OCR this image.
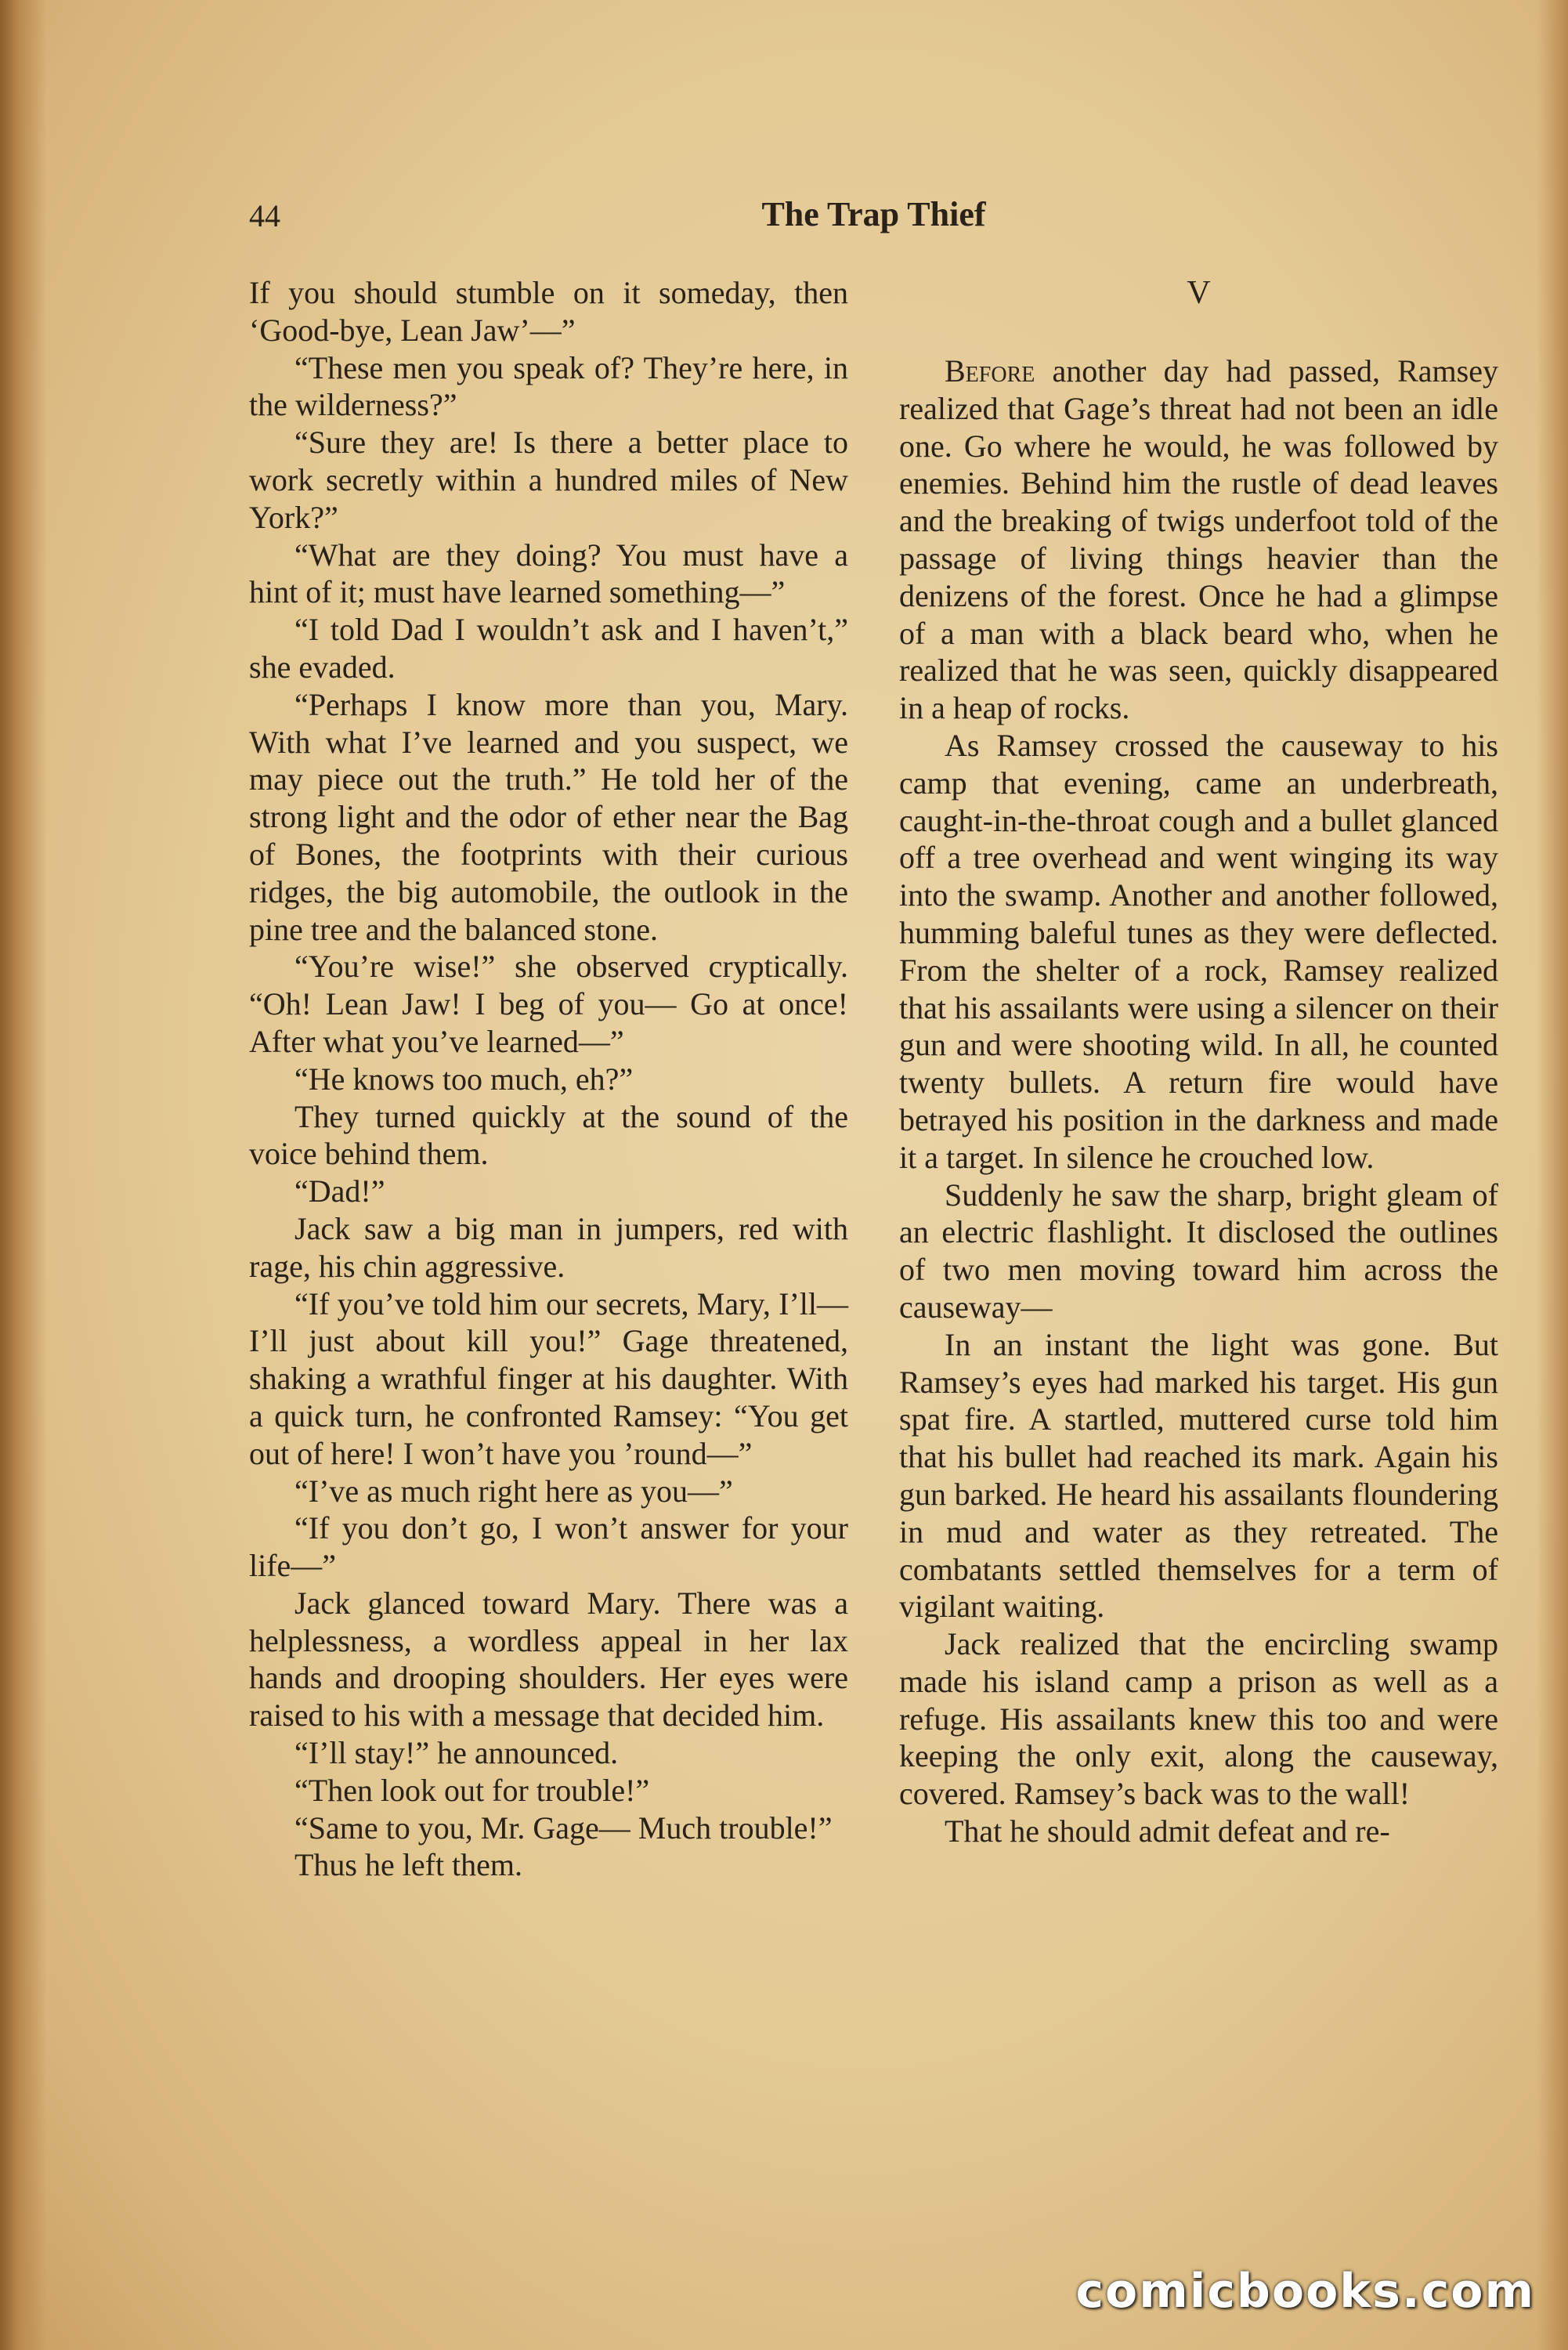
44	The Trap Thief

If you should stumble on it someday, then ‘Good-bye, Lean Jaw’—”

“These men you speak of? They’re here, in the wilderness?”

“Sure they are! Is there a better place to work secretly within a hundred miles of New York?”

“What are they doing? You must have a hint of it; must have learned something—”

“I told Dad I wouldn’t ask and I haven’t,” she evaded.

“Perhaps I know more than you, Mary. With what I’ve learned and you suspect, we may piece out the truth.” He told her of the strong light and the odor of ether near the Bag of Bones, the footprints with their curious ridges, the big automobile, the outlook in the pine tree and the balanced stone.

“You’re wise!” she observed cryptically. “Oh! Lean Jaw! I beg of you— Go at once! After what you’ve learned—”

“He knows too much, eh?”

They turned quickly at the sound of the voice behind them.

“Dad!”

Jack saw a big man in jumpers, red with rage, his chin aggressive.

“If you’ve told him our secrets, Mary, I’ll—I’ll just about kill you!” Gage threatened, shaking a wrathful finger at his daughter. With a quick turn, he confronted Ramsey: “You get out of here! I won’t have you ’round—”

“I’ve as much right here as you—”

“If you don’t go, I won’t answer for your life—”

Jack glanced toward Mary. There was a helplessness, a wordless appeal in her lax hands and drooping shoulders. Her eyes were raised to his with a message that decided him.

“I’ll stay!” he announced.

“Then look out for trouble!”

“Same to you, Mr. Gage— Much trouble!”

Thus he left them.

V

Before another day had passed, Ramsey realized that Gage’s threat had not been an idle one. Go where he would, he was followed by enemies. Behind him the rustle of dead leaves and the breaking of twigs underfoot told of the passage of living things heavier than the denizens of the forest. Once he had a glimpse of a man with a black beard who, when he realized that he was seen, quickly disappeared in a heap of rocks.

As Ramsey crossed the causeway to his camp that evening, came an underbreath, caught-in-the-throat cough and a bullet glanced off a tree overhead and went winging its way into the swamp. Another and another followed, humming baleful tunes as they were deflected. From the shelter of a rock, Ramsey realized that his assailants were using a silencer on their gun and were shooting wild. In all, he counted twenty bullets. A return fire would have betrayed his position in the darkness and made it a target. In silence he crouched low.

Suddenly he saw the sharp, bright gleam of an electric flashlight. It disclosed the outlines of two men moving toward him across the causeway—

In an instant the light was gone. But Ramsey’s eyes had marked his target. His gun spat fire. A startled, muttered curse told him that his bullet had reached its mark. Again his gun barked. He heard his assailants floundering in mud and water as they retreated. The combatants settled themselves for a term of vigilant waiting.

Jack realized that the encircling swamp made his island camp a prison as well as a refuge. His assailants knew this too and were keeping the only exit, along the causeway, covered. Ramsey’s back was to the wall!

That he should admit defeat and re-

comicbooks.com
